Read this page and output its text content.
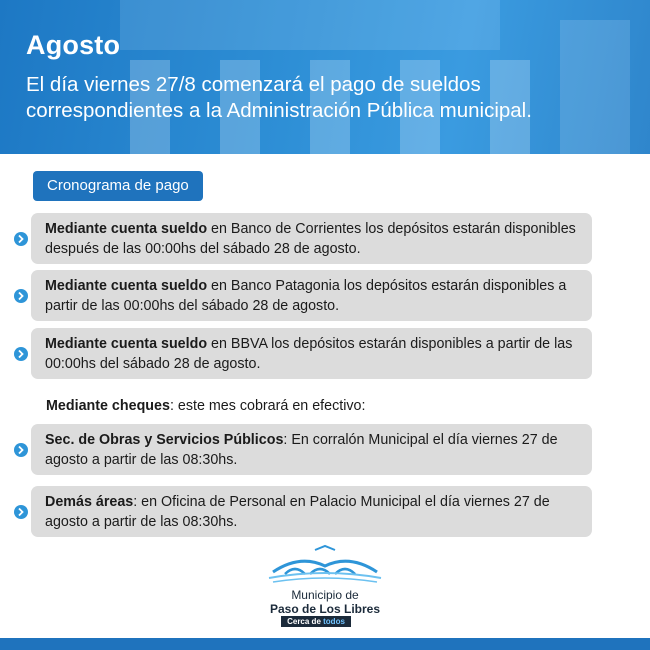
Agosto
El día viernes 27/8 comenzará el pago de sueldos correspondientes a la Administración Pública municipal.
Cronograma de pago
Mediante cuenta sueldo en Banco de Corrientes los depósitos estarán disponibles después de las 00:00hs del sábado 28 de agosto.
Mediante cuenta sueldo en Banco Patagonia los depósitos estarán disponibles a partir de las 00:00hs del sábado 28 de agosto.
Mediante cuenta sueldo en BBVA los depósitos estarán disponibles a partir de las 00:00hs del sábado 28 de agosto.
Mediante cheques: este mes cobrará en efectivo:
Sec. de Obras y Servicios Públicos: En corralón Municipal el día viernes 27 de agosto a partir de las 08:30hs.
Demás áreas: en Oficina de Personal en Palacio Municipal el día viernes 27 de agosto a partir de las 08:30hs.
Municipio de
Paso de Los Libres
Cerca de todos
